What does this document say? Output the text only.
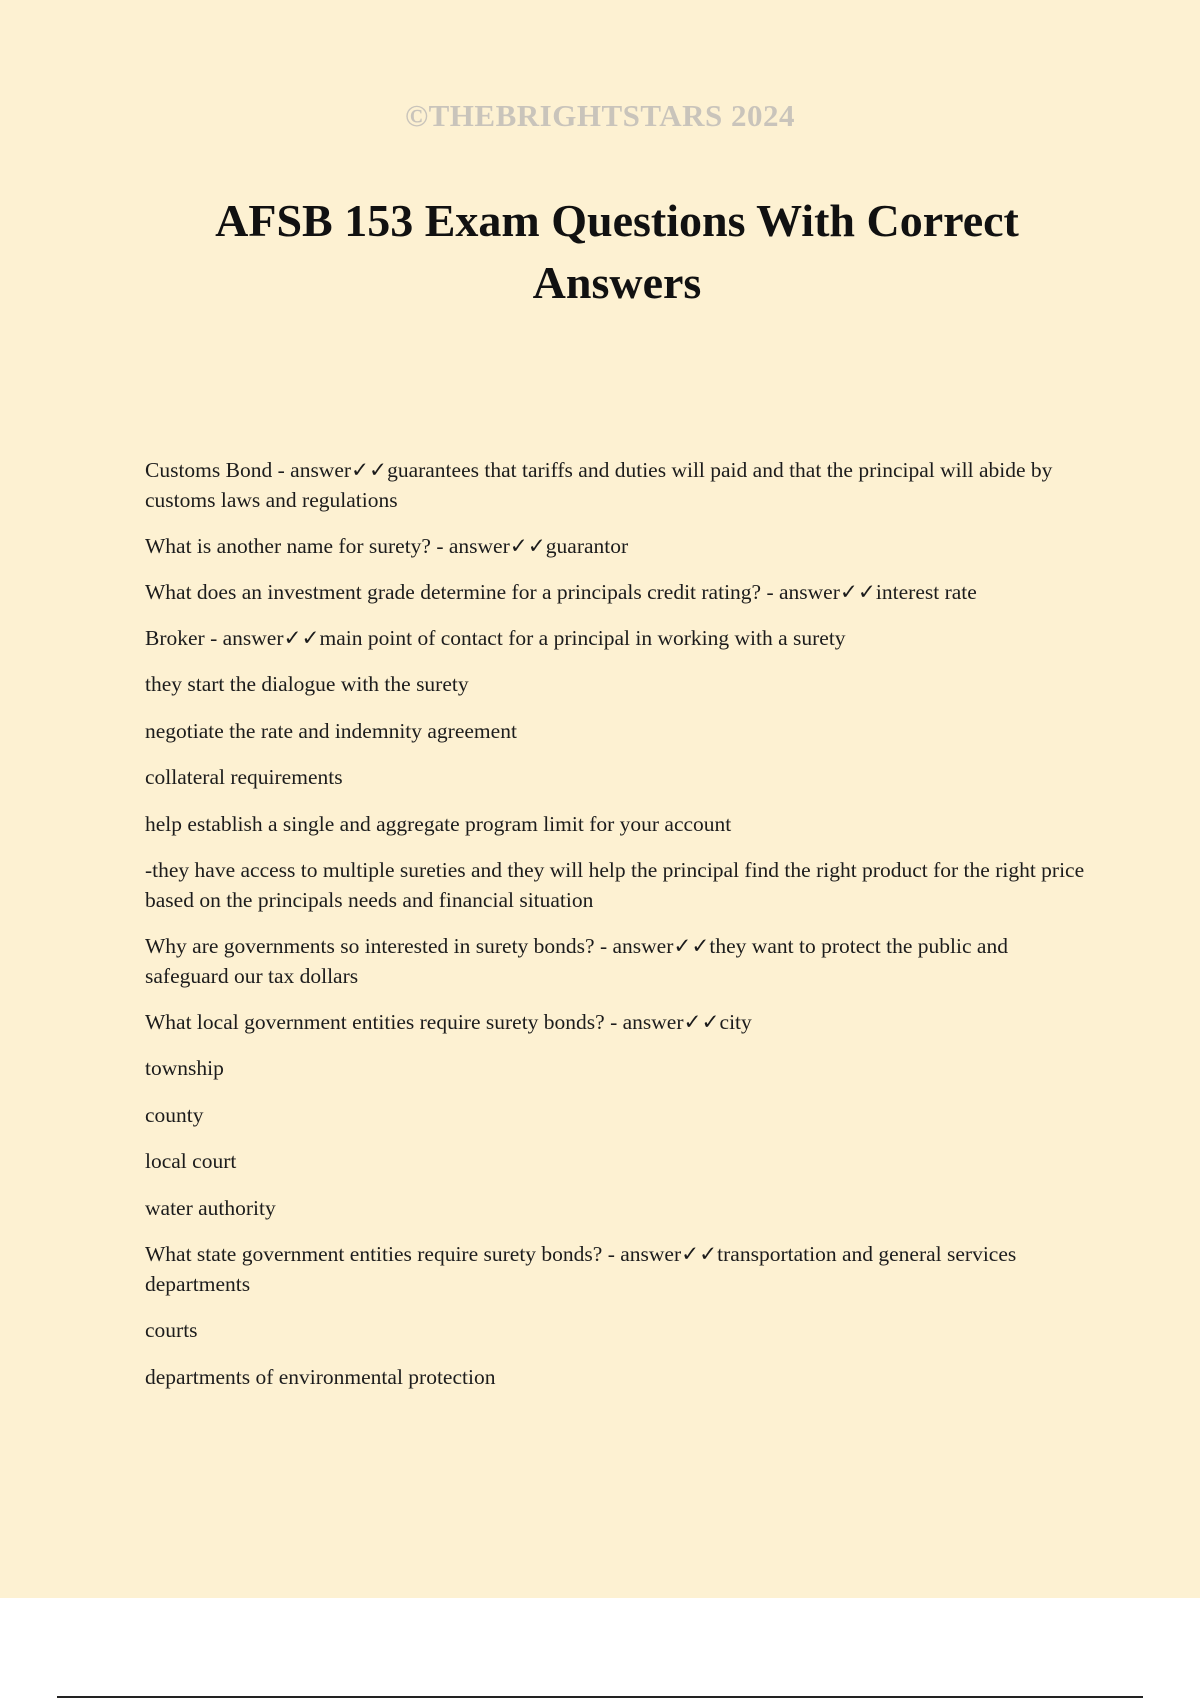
©THEBRIGHTSTARS 2024
AFSB 153 Exam Questions With Correct Answers
Customs Bond - answer✓✓guarantees that tariffs and duties will paid and that the principal will abide by customs laws and regulations
What is another name for surety? - answer✓✓guarantor
What does an investment grade determine for a principals credit rating? - answer✓✓interest rate
Broker - answer✓✓main point of contact for a principal in working with a surety
they start the dialogue with the surety
negotiate the rate and indemnity agreement
collateral requirements
help establish a single and aggregate program limit for your account
-they have access to multiple sureties and they will help the principal find the right product for the right price based on the principals needs and financial situation
Why are governments so interested in surety bonds? - answer✓✓they want to protect the public and safeguard our tax dollars
What local government entities require surety bonds? - answer✓✓city
township
county
local court
water authority
What state government entities require surety bonds? - answer✓✓transportation and general services departments
courts
departments of environmental protection
